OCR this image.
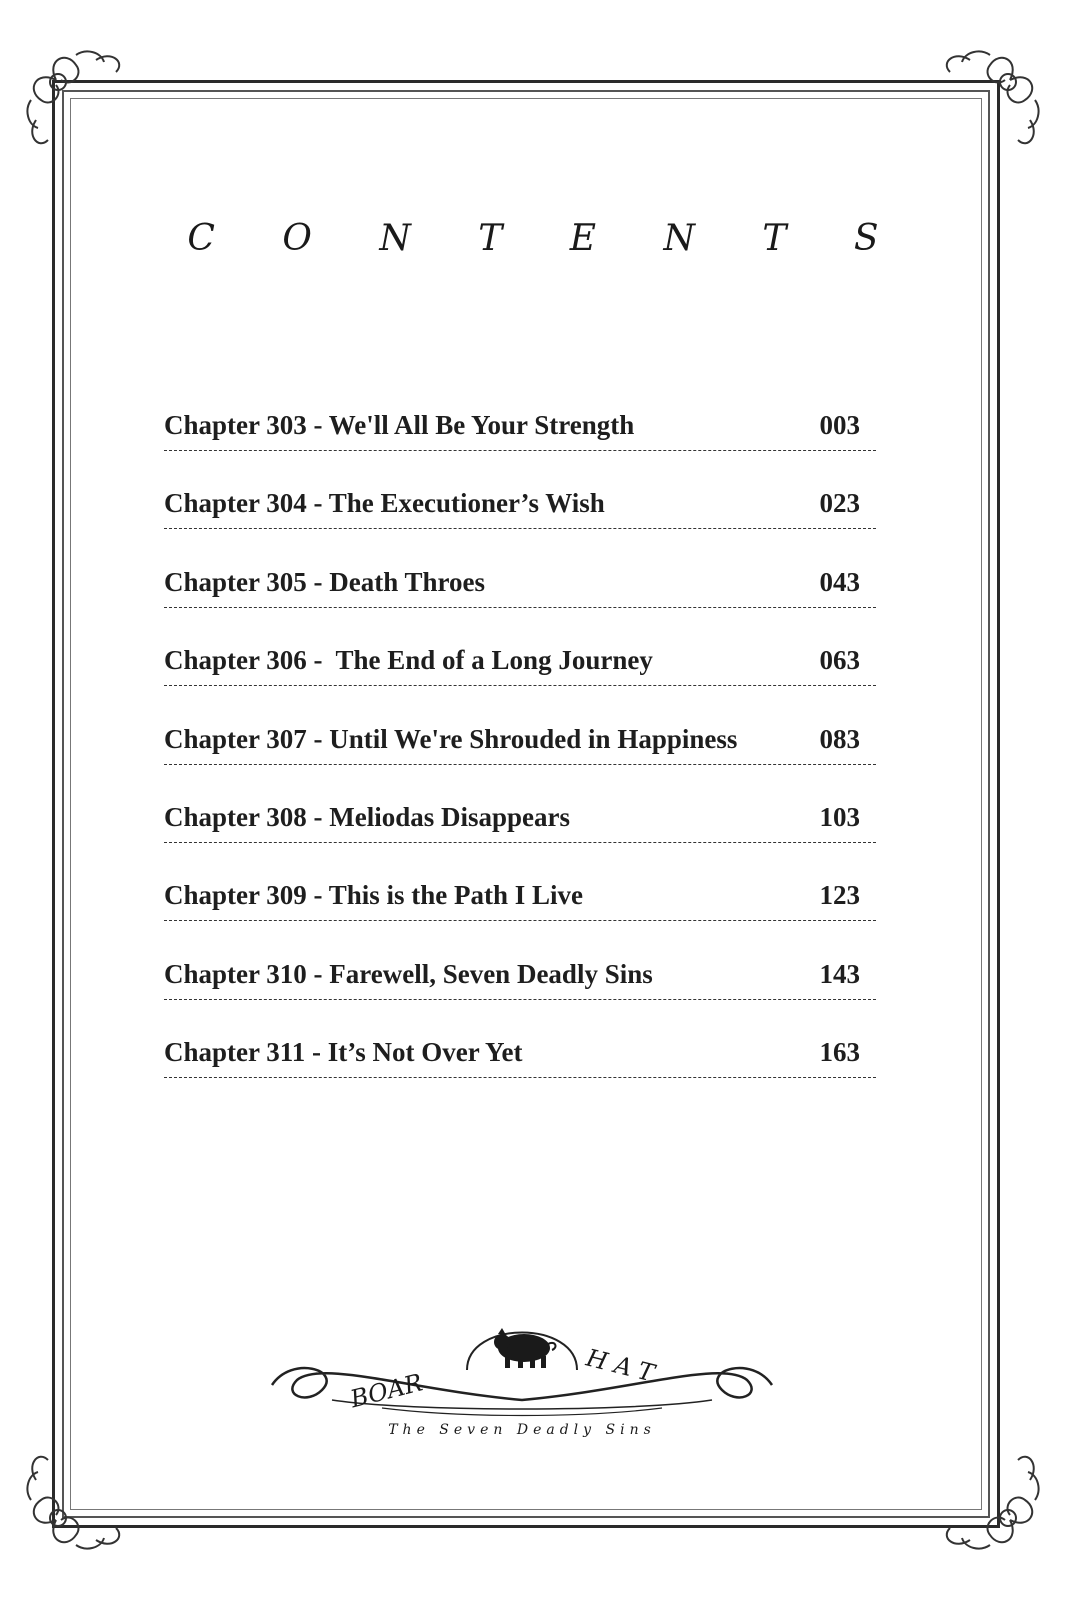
C O N T E N T S
Chapter 303 - We'll All Be Your Strength	003
Chapter 304 - The Executioner’s Wish	023
Chapter 305 - Death Throes	043
Chapter 306 -  The End of a Long Journey	063
Chapter 307 - Until We're Shrouded in Happiness	083
Chapter 308 - Meliodas Disappears	103
Chapter 309 - This is the Path I Live	123
Chapter 310 - Farewell, Seven Deadly Sins	143
Chapter 311 - It’s Not Over Yet	163
BOAR
HAT
The Seven Deadly Sins
